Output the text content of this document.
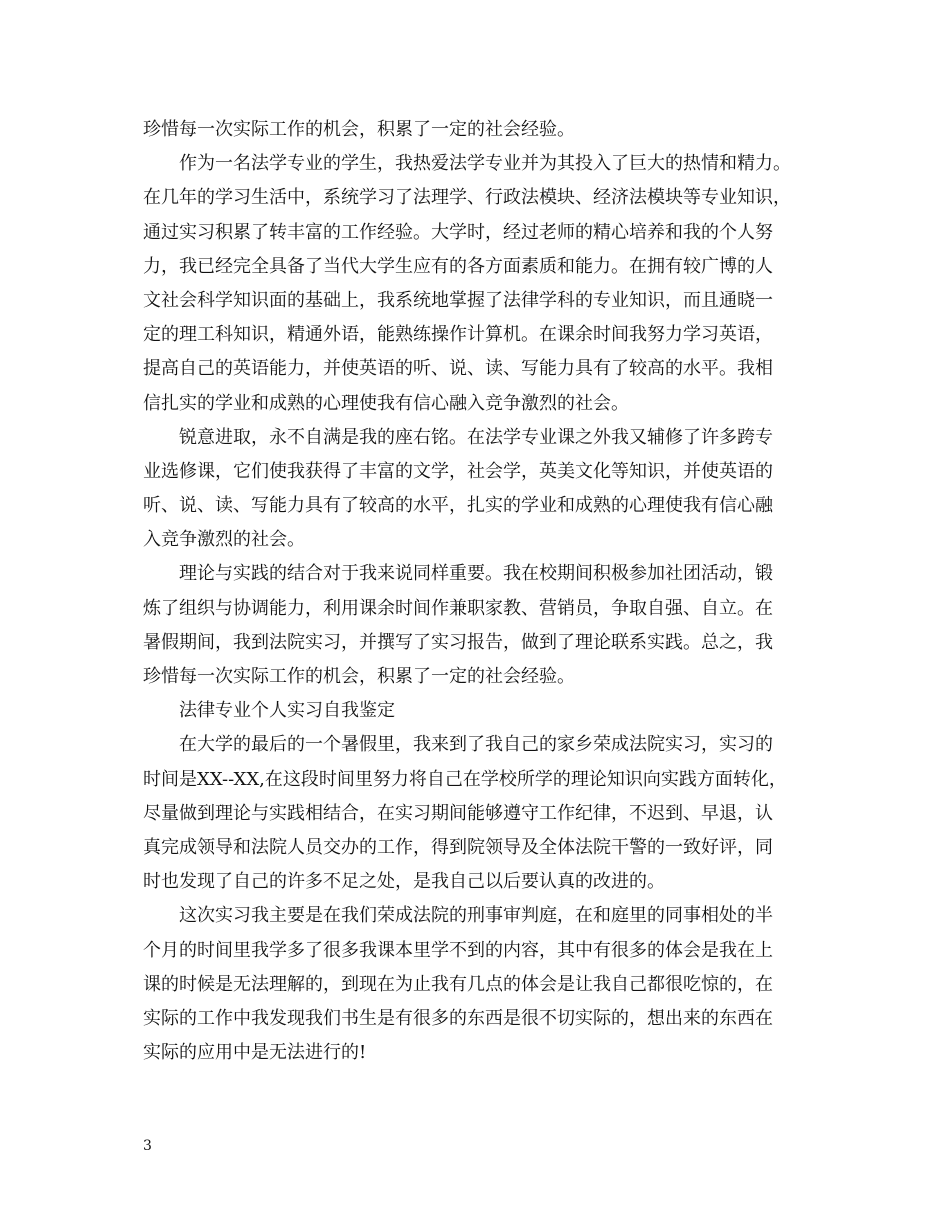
珍惜每一次实际工作的机会，积累了一定的社会经验。
作为一名法学专业的学生，我热爱法学专业并为其投入了巨大的热情和精力。
在几年的学习生活中，系统学习了法理学、行政法模块、经济法模块等专业知识，
通过实习积累了转丰富的工作经验。大学时，经过老师的精心培养和我的个人努
力，我已经完全具备了当代大学生应有的各方面素质和能力。在拥有较广博的人
文社会科学知识面的基础上，我系统地掌握了法律学科的专业知识，而且通晓一
定的理工科知识，精通外语，能熟练操作计算机。在课余时间我努力学习英语，
提高自己的英语能力，并使英语的听、说、读、写能力具有了较高的水平。我相
信扎实的学业和成熟的心理使我有信心融入竞争激烈的社会。
锐意进取，永不自满是我的座右铭。在法学专业课之外我又辅修了许多跨专
业选修课，它们使我获得了丰富的文学，社会学，英美文化等知识，并使英语的
听、说、读、写能力具有了较高的水平，扎实的学业和成熟的心理使我有信心融
入竞争激烈的社会。
理论与实践的结合对于我来说同样重要。我在校期间积极参加社团活动，锻
炼了组织与协调能力，利用课余时间作兼职家教、营销员，争取自强、自立。在
暑假期间，我到法院实习，并撰写了实习报告，做到了理论联系实践。总之，我
珍惜每一次实际工作的机会，积累了一定的社会经验。
法律专业个人实习自我鉴定
在大学的最后的一个暑假里，我来到了我自己的家乡荣成法院实习，实习的
时间是XX--XX,在这段时间里努力将自己在学校所学的理论知识向实践方面转化，
尽量做到理论与实践相结合，在实习期间能够遵守工作纪律，不迟到、早退，认
真完成领导和法院人员交办的工作，得到院领导及全体法院干警的一致好评，同
时也发现了自己的许多不足之处，是我自己以后要认真的改进的。
这次实习我主要是在我们荣成法院的刑事审判庭，在和庭里的同事相处的半
个月的时间里我学多了很多我课本里学不到的内容，其中有很多的体会是我在上
课的时候是无法理解的，到现在为止我有几点的体会是让我自己都很吃惊的，在
实际的工作中我发现我们书生是有很多的东西是很不切实际的，想出来的东西在
实际的应用中是无法进行的!
3
